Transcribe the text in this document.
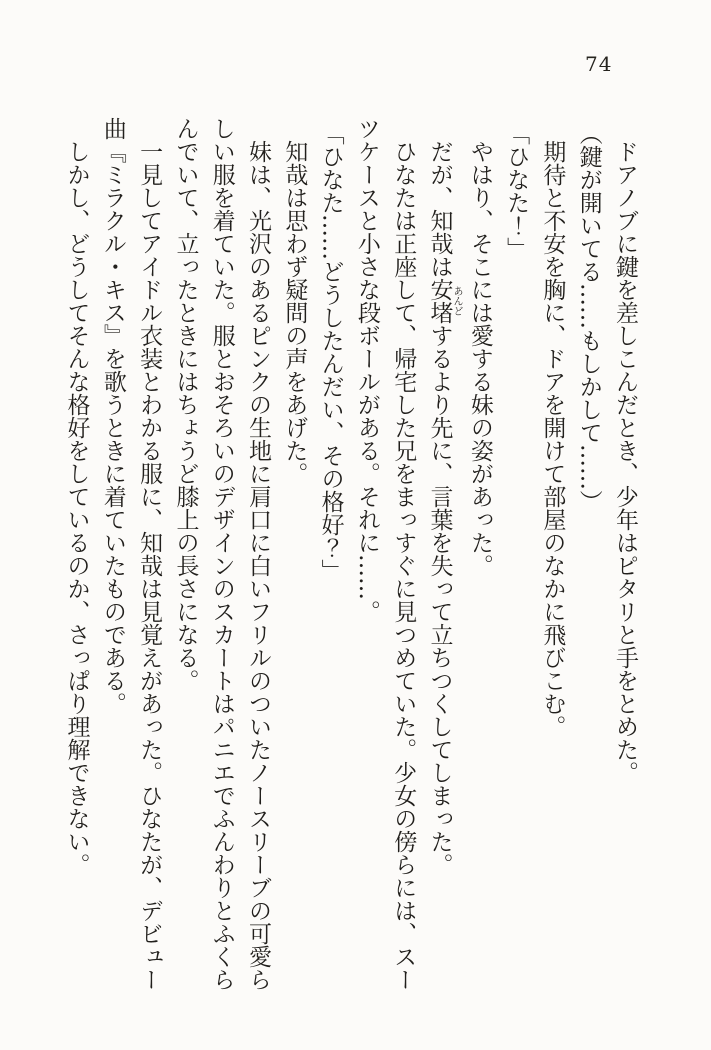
74

ドアノブに鍵を差しこんだとき、少年はピタリと手をとめた。

（鍵が開いてる……もしかして……）

期待と不安を胸に、ドアを開けて部屋のなかに飛びこむ。

「ひなた！」

やはり、そこには愛する妹の姿があった。

だが、知哉は安堵あんどするより先に、言葉を失って立ちつくしてしまった。

ひなたは正座して、帰宅した兄をまっすぐに見つめていた。少女の傍らには、スーツケースと小さな段ボールがある。それに……。

「ひなた……どうしたんだい、その格好？」

知哉は思わず疑問の声をあげた。

妹は、光沢のあるピンクの生地に肩口に白いフリルのついたノースリーブの可愛らしい服を着ていた。服とおそろいのデザインのスカートはパニエでふんわりとふくらんでいて、立ったときにはちょうど膝上の長さになる。

一見してアイドル衣装とわかる服に、知哉は見覚えがあった。ひなたが、デビュー曲『ミラクル・キス』を歌うときに着ていたものである。

しかし、どうしてそんな格好をしているのか、さっぱり理解できない。
